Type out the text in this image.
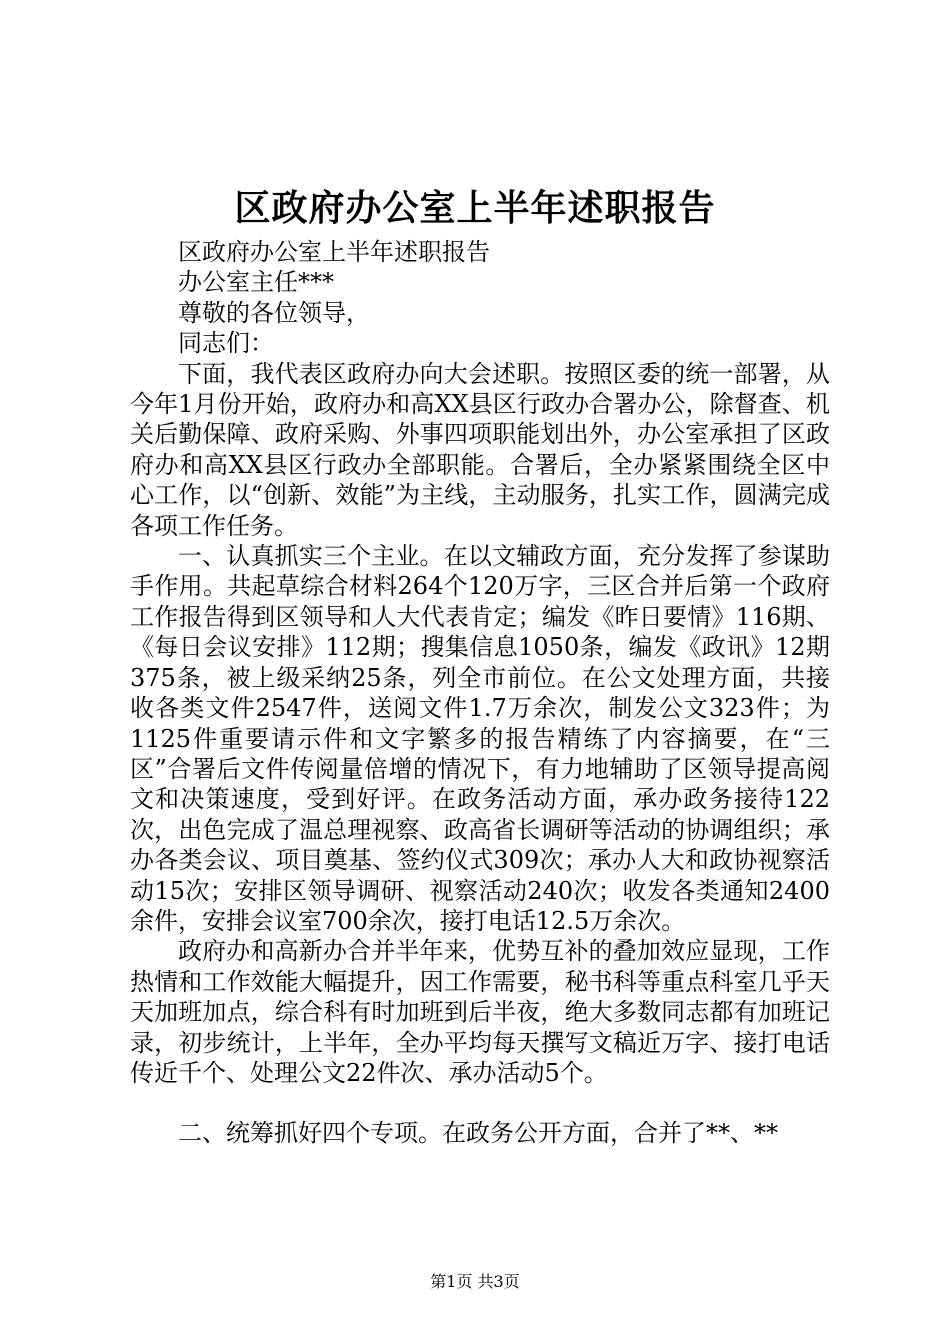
区政府办公室上半年述职报告

区政府办公室上半年述职报告

办公室主任***

尊敬的各位领导，

同志们：

下面，我代表区政府办向大会述职。按照区委的统一部署，从今年1月份开始，政府办和高XX县区行政办合署办公，除督查、机关后勤保障、政府采购、外事四项职能划出外，办公室承担了区政府办和高XX县区行政办全部职能。合署后，全办紧紧围绕全区中心工作，以“创新、效能”为主线，主动服务，扎实工作，圆满完成各项工作任务。

一、认真抓实三个主业。在以文辅政方面，充分发挥了参谋助手作用。共起草综合材料264个120万字，三区合并后第一个政府工作报告得到区领导和人大代表肯定；编发《昨日要情》116期、《每日会议安排》112期；搜集信息1050条，编发《政讯》12期375条，被上级采纳25条，列全市前位。在公文处理方面，共接收各类文件2547件，送阅文件1.7万余次，制发公文323件；为1125件重要请示件和文字繁多的报告精练了内容摘要，在“三区”合署后文件传阅量倍增的情况下，有力地辅助了区领导提高阅文和决策速度，受到好评。在政务活动方面，承办政务接待122次，出色完成了温总理视察、政高省长调研等活动的协调组织；承办各类会议、项目奠基、签约仪式309次；承办人大和政协视察活动15次；安排区领导调研、视察活动240次；收发各类通知2400余件，安排会议室700余次，接打电话12.5万余次。

政府办和高新办合并半年来，优势互补的叠加效应显现，工作热情和工作效能大幅提升，因工作需要，秘书科等重点科室几乎天天加班加点，综合科有时加班到后半夜，绝大多数同志都有加班记录，初步统计，上半年，全办平均每天撰写文稿近万字、接打电话传近千个、处理公文22件次、承办活动5个。

二、统筹抓好四个专项。在政务公开方面，合并了**、**

第1页 共3页
